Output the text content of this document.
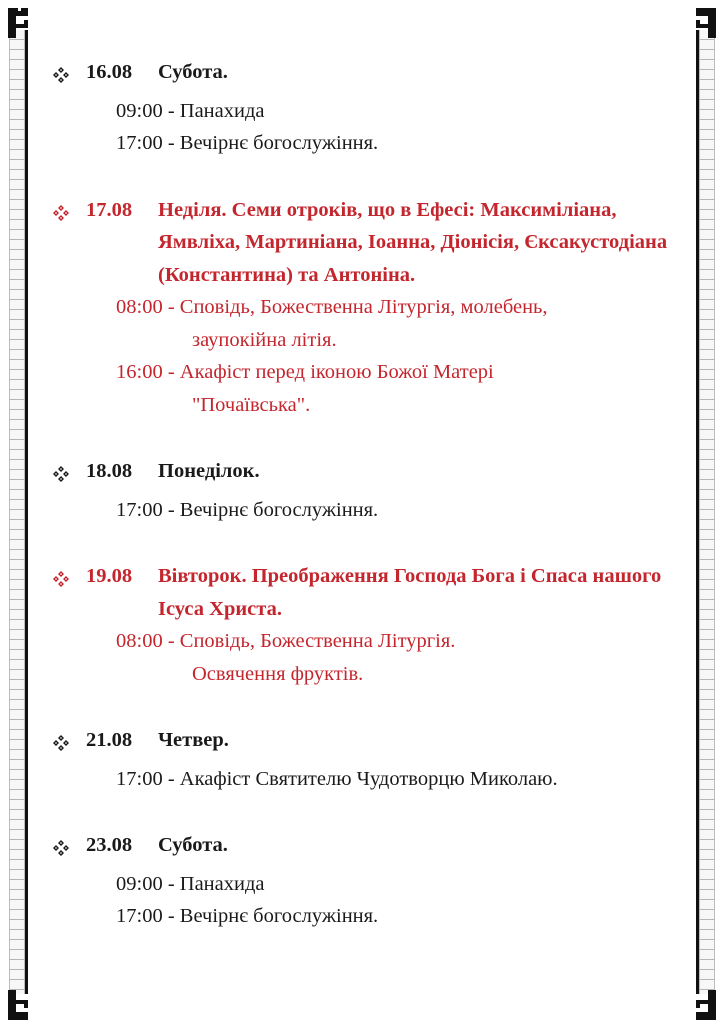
16.08	Субота.
09:00 - Панахида
17:00 - Вечірнє богослужіння.
17.08	Неділя. Семи отроків, що в Ефесі: Максиміліана, Ямвліха, Мартиніана, Іоанна, Діонісія, Єксакустодіана (Константина) та Антоніна.
08:00 - Сповідь, Божественна Літургія, молебень,
заупокійна літія.
16:00 - Акафіст перед іконою Божої Матері
"Почаївська".
18.08	Понеділок.
17:00 - Вечірнє богослужіння.
19.08	Вівторок. Преображення Господа Бога і Спаса нашого Ісуса Христа.
08:00 - Сповідь, Божественна Літургія.
Освячення фруктів.
21.08	Четвер.
17:00 - Акафіст Святителю Чудотворцю Миколаю.
23.08	Субота.
09:00 - Панахида
17:00 - Вечірнє богослужіння.
